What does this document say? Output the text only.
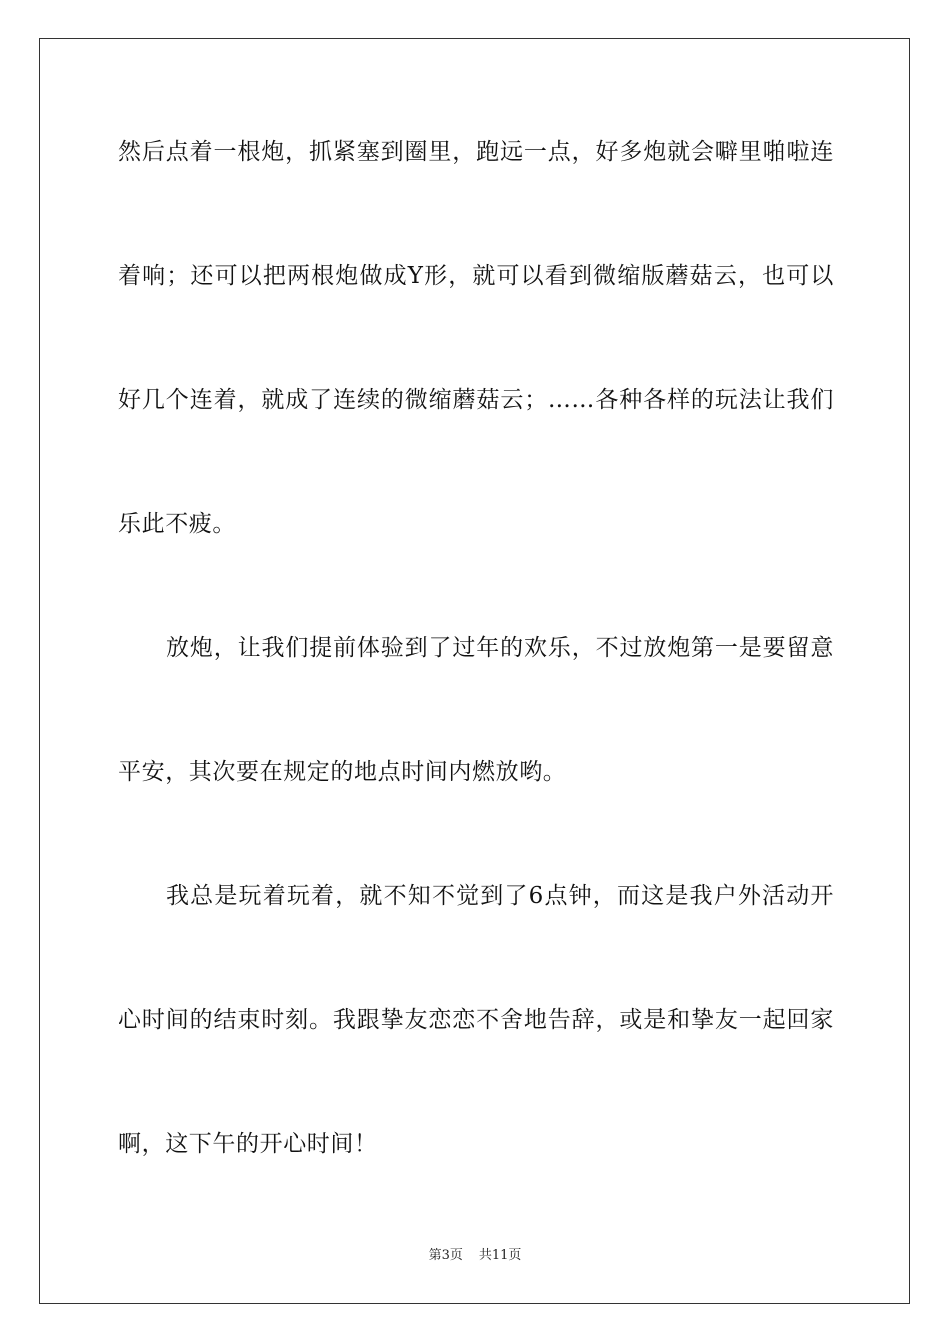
然后点着一根炮，抓紧塞到圈里，跑远一点，好多炮就会噼里啪啦连
着响；还可以把两根炮做成Y形，就可以看到微缩版蘑菇云，也可以
好几个连着，就成了连续的微缩蘑菇云；……各种各样的玩法让我们
乐此不疲。
放炮，让我们提前体验到了过年的欢乐，不过放炮第一是要留意
平安，其次要在规定的地点时间内燃放哟。
我总是玩着玩着，就不知不觉到了6点钟，而这是我户外活动开
心时间的结束时刻。我跟挚友恋恋不舍地告辞，或是和挚友一起回家
啊，这下午的开心时间！
第3页 共11页
